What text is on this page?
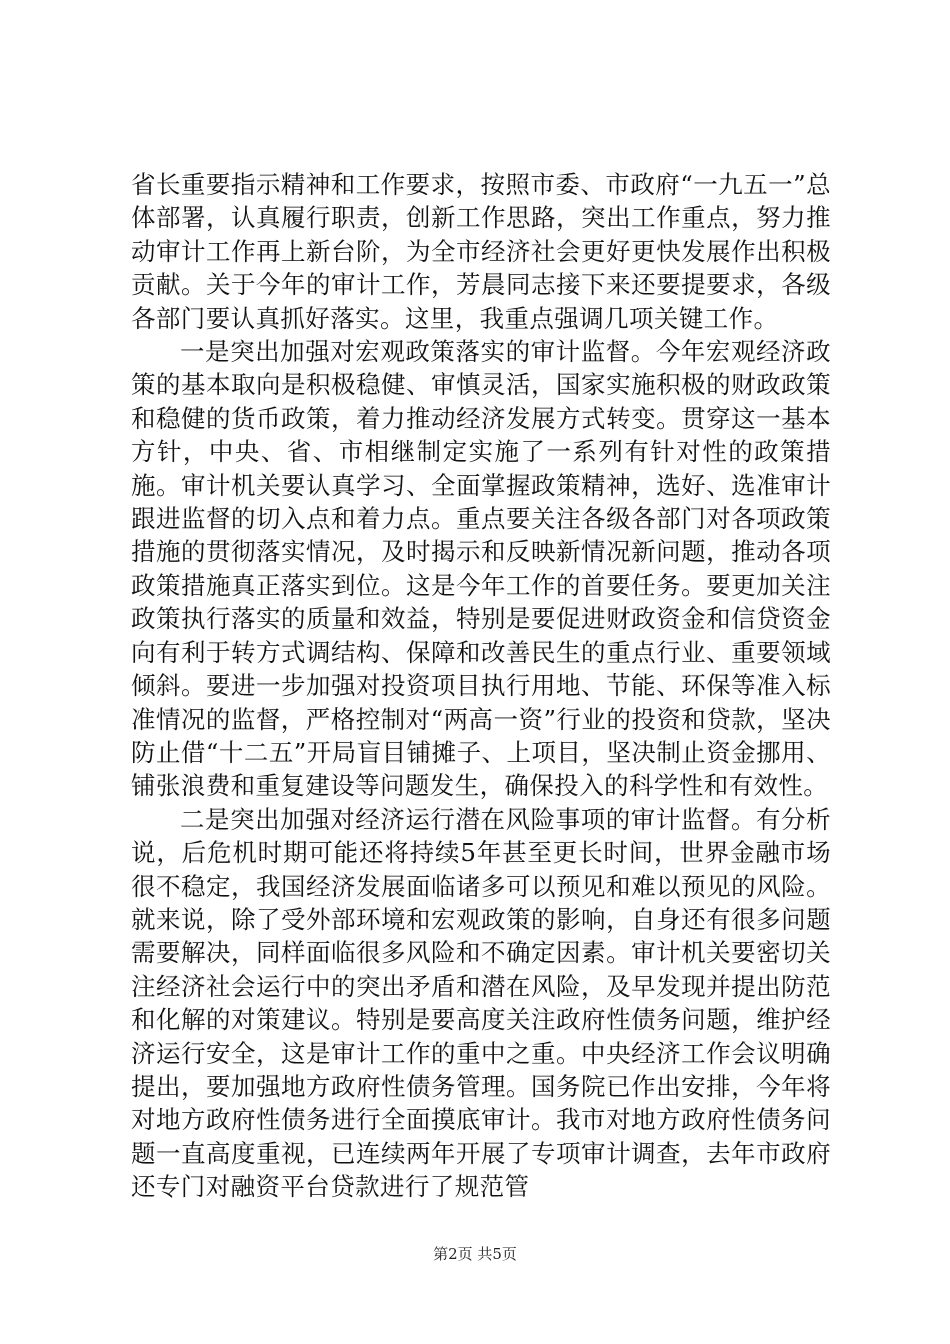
省长重要指示精神和工作要求，按照市委、市政府“一九五一”总体部署，认真履行职责，创新工作思路，突出工作重点，努力推动审计工作再上新台阶，为全市经济社会更好更快发展作出积极贡献。关于今年的审计工作，芳晨同志接下来还要提要求，各级各部门要认真抓好落实。这里，我重点强调几项关键工作。

一是突出加强对宏观政策落实的审计监督。今年宏观经济政策的基本取向是积极稳健、审慎灵活，国家实施积极的财政政策和稳健的货币政策，着力推动经济发展方式转变。贯穿这一基本方针，中央、省、市相继制定实施了一系列有针对性的政策措施。审计机关要认真学习、全面掌握政策精神，选好、选准审计跟进监督的切入点和着力点。重点要关注各级各部门对各项政策措施的贯彻落实情况，及时揭示和反映新情况新问题，推动各项政策措施真正落实到位。这是今年工作的首要任务。要更加关注政策执行落实的质量和效益，特别是要促进财政资金和信贷资金向有利于转方式调结构、保障和改善民生的重点行业、重要领域倾斜。要进一步加强对投资项目执行用地、节能、环保等准入标准情况的监督，严格控制对“两高一资”行业的投资和贷款，坚决防止借“十二五”开局盲目铺摊子、上项目，坚决制止资金挪用、铺张浪费和重复建设等问题发生，确保投入的科学性和有效性。

二是突出加强对经济运行潜在风险事项的审计监督。有分析说，后危机时期可能还将持续5年甚至更长时间，世界金融市场很不稳定，我国经济发展面临诸多可以预见和难以预见的风险。就来说，除了受外部环境和宏观政策的影响，自身还有很多问题需要解决，同样面临很多风险和不确定因素。审计机关要密切关注经济社会运行中的突出矛盾和潜在风险，及早发现并提出防范和化解的对策建议。特别是要高度关注政府性债务问题，维护经济运行安全，这是审计工作的重中之重。中央经济工作会议明确提出，要加强地方政府性债务管理。国务院已作出安排，今年将对地方政府性债务进行全面摸底审计。我市对地方政府性债务问题一直高度重视，已连续两年开展了专项审计调查，去年市政府还专门对融资平台贷款进行了规范管

第2页 共5页
